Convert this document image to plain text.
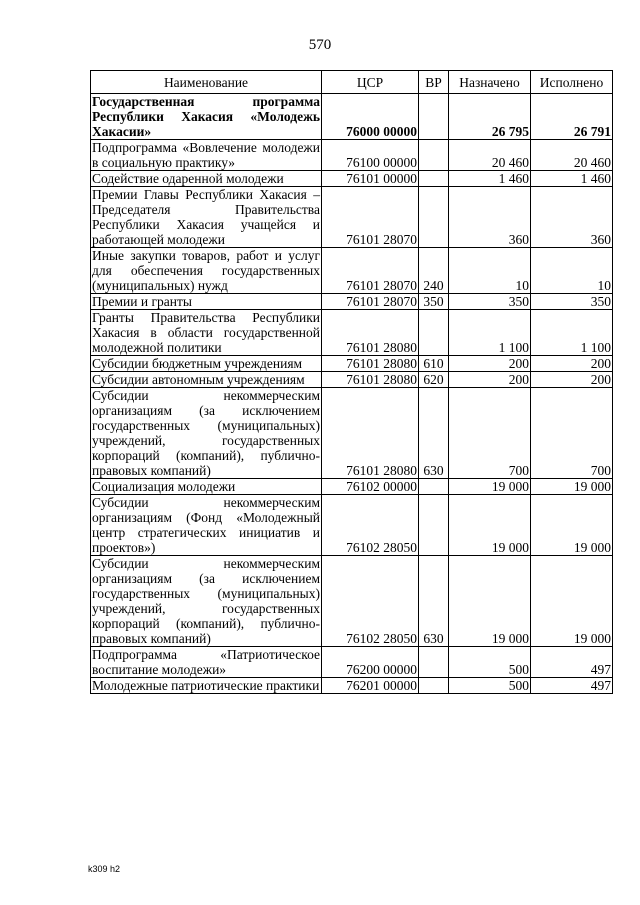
570
Наименование	ЦСР	ВР	Назначено	Исполнено
Государственная программа Республики Хакасия «Молодежь Хакасии»	76000 00000		26 795	26 791
Подпрограмма «Вовлечение молодежи в социальную практику»	76100 00000		20 460	20 460
Содействие одаренной молодежи	76101 00000		1 460	1 460
Премии Главы Республики Хакасия – Председателя Правительства Республики Хакасия учащейся и работающей молодежи	76101 28070		360	360
Иные закупки товаров, работ и услуг для обеспечения государственных (муниципальных) нужд	76101 28070	240	10	10
Премии и гранты	76101 28070	350	350	350
Гранты Правительства Республики Хакасия в области государственной молодежной политики	76101 28080		1 100	1 100
Субсидии бюджетным учреждениям	76101 28080	610	200	200
Субсидии автономным учреждениям	76101 28080	620	200	200
Субсидии некоммерческим организациям (за исключением государственных (муниципальных) учреждений, государственных корпораций (компаний), публично-правовых компаний)	76101 28080	630	700	700
Социализация молодежи	76102 00000		19 000	19 000
Субсидии некоммерческим организациям (Фонд «Молодежный центр стратегических инициатив и проектов»)	76102 28050		19 000	19 000
Субсидии некоммерческим организациям (за исключением государственных (муниципальных) учреждений, государственных корпораций (компаний), публично-правовых компаний)	76102 28050	630	19 000	19 000
Подпрограмма «Патриотическое воспитание молодежи»	76200 00000		500	497
Молодежные патриотические практики	76201 00000		500	497
k309 h2
